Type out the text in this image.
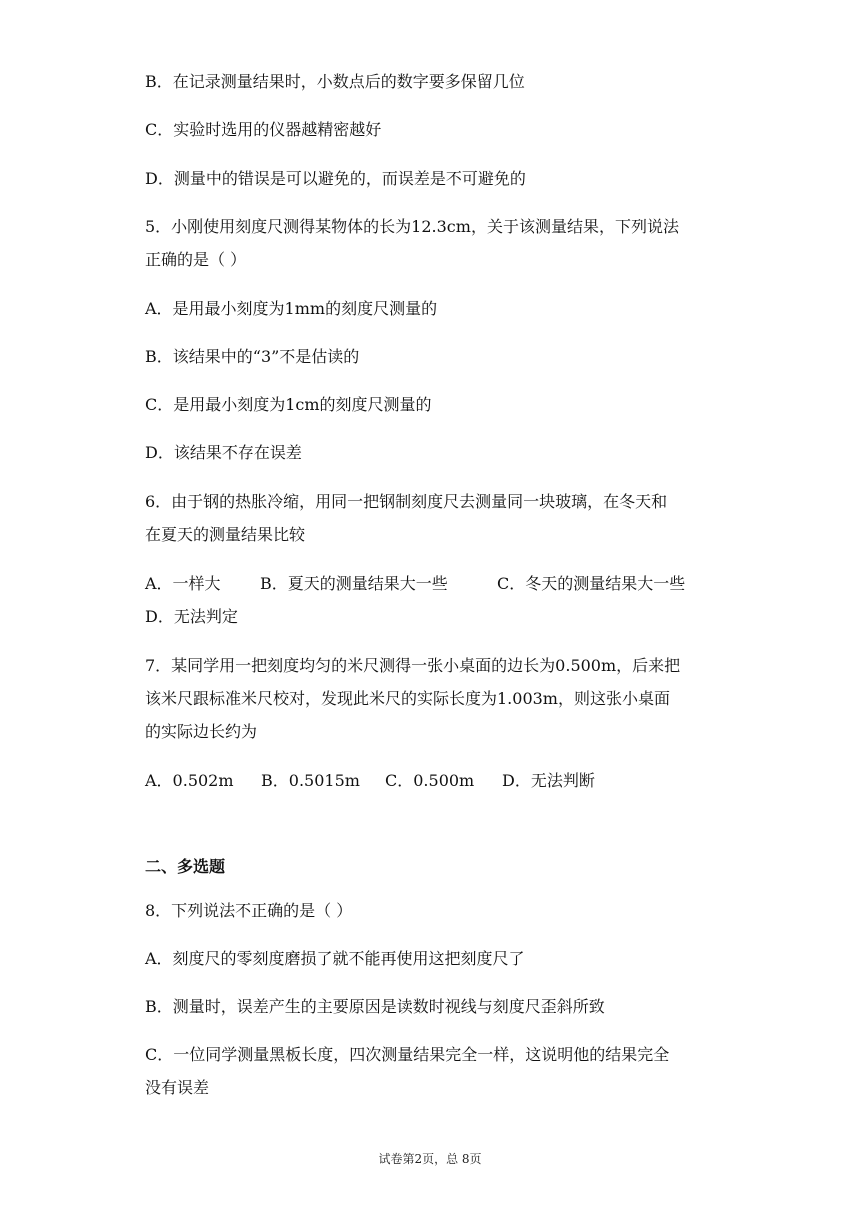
B．在记录测量结果时，小数点后的数字要多保留几位

C．实验时选用的仪器越精密越好

D．测量中的错误是可以避免的，而误差是不可避免的

5．小刚使用刻度尺测得某物体的长为12.3cm，关于该测量结果，下列说法

正确的是（ ）

A．是用最小刻度为1mm的刻度尺测量的

B．该结果中的“3”不是估读的

C．是用最小刻度为1cm的刻度尺测量的

D．该结果不存在误差

6．由于钢的热胀冷缩，用同一把钢制刻度尺去测量同一块玻璃，在冬天和

在夏天的测量结果比较

A．一样大 B．夏天的测量结果大一些	C．冬天的测量结果大一些

D．无法判定

7．某同学用一把刻度均匀的米尺测得一张小桌面的边长为0.500m，后来把

该米尺跟标准米尺校对，发现此米尺的实际长度为1.003m，则这张小桌面

的实际边长约为

A．0.502m B．0.5015m C．0.500m D．无法判断

二、多选题

8．下列说法不正确的是（ ）

A．刻度尺的零刻度磨损了就不能再使用这把刻度尺了

B．测量时，误差产生的主要原因是读数时视线与刻度尺歪斜所致

C．一位同学测量黑板长度，四次测量结果完全一样，这说明他的结果完全

没有误差

试卷第2页，总 8页
